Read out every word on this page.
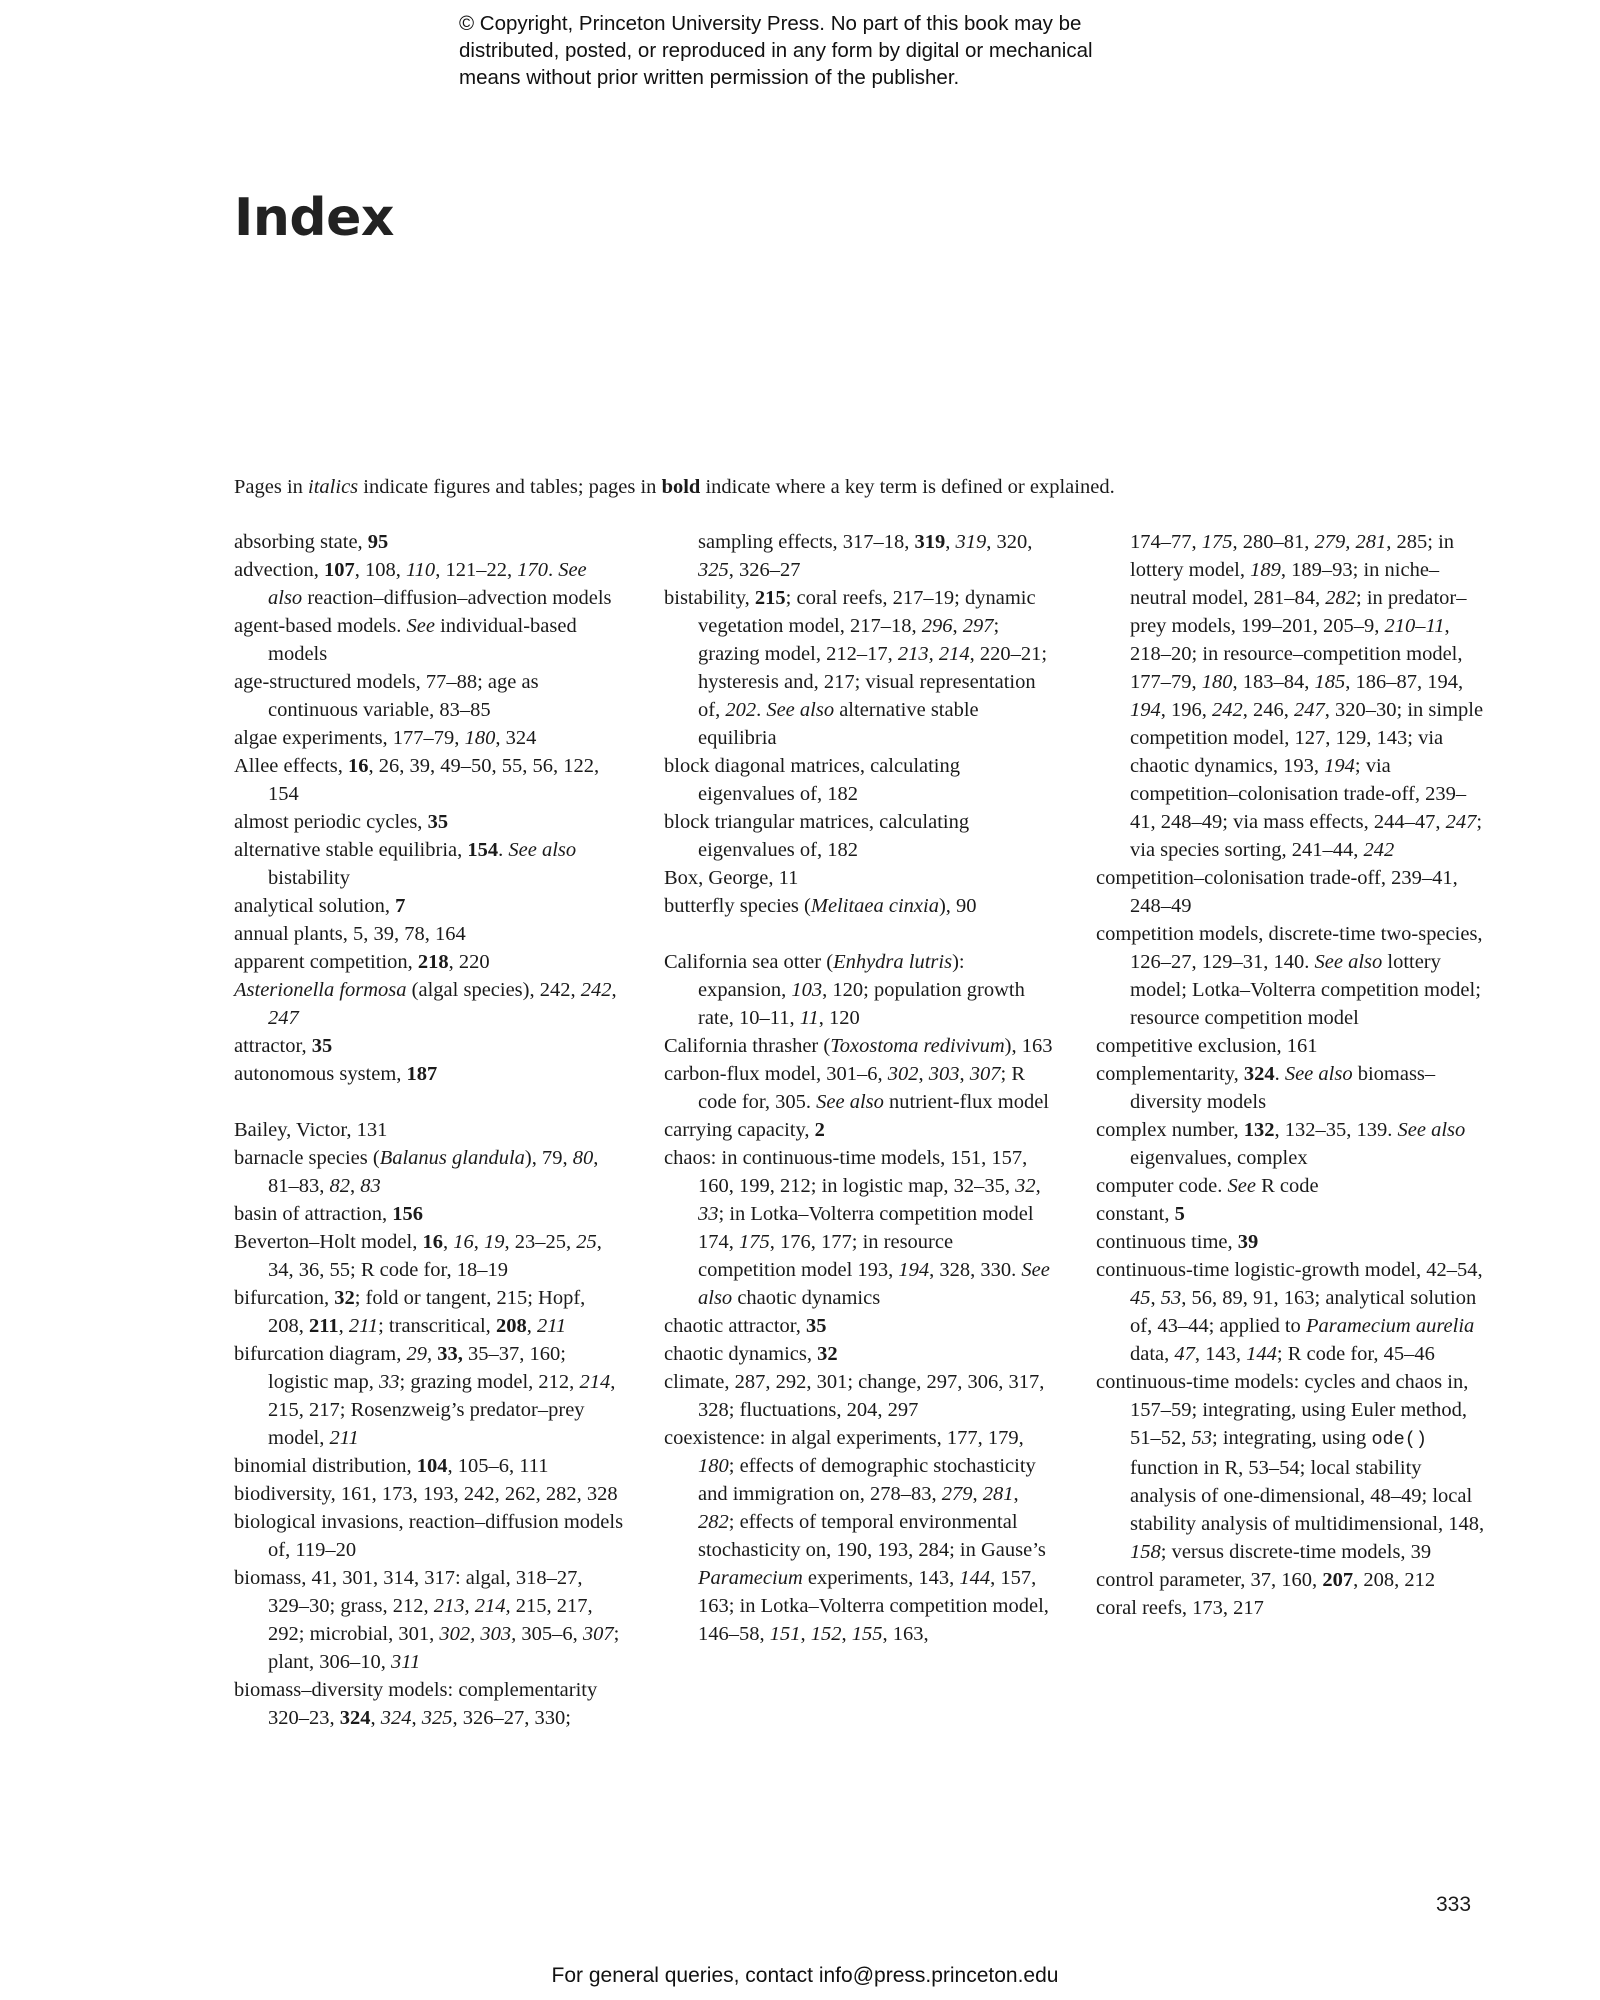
© Copyright, Princeton University Press. No part of this book may be
distributed, posted, or reproduced in any form by digital or mechanical
means without prior written permission of the publisher.
Index
Pages in italics indicate figures and tables; pages in bold indicate where a key term is defined or explained.
absorbing state, 95
advection, 107, 108, 110, 121–22, 170. See also reaction–diffusion–advection models
agent-based models. See individual-based models
age-structured models, 77–88; age as continuous variable, 83–85
algae experiments, 177–79, 180, 324
Allee effects, 16, 26, 39, 49–50, 55, 56, 122, 154
almost periodic cycles, 35
alternative stable equilibria, 154. See also bistability
analytical solution, 7
annual plants, 5, 39, 78, 164
apparent competition, 218, 220
Asterionella formosa (algal species), 242, 242, 247
attractor, 35
autonomous system, 187
Bailey, Victor, 131
barnacle species (Balanus glandula), 79, 80, 81–83, 82, 83
basin of attraction, 156
Beverton–Holt model, 16, 16, 19, 23–25, 25, 34, 36, 55; R code for, 18–19
bifurcation, 32; fold or tangent, 215; Hopf, 208, 211, 211; transcritical, 208, 211
bifurcation diagram, 29, 33, 35–37, 160; logistic map, 33; grazing model, 212, 214, 215, 217; Rosenzweig’s predator–prey model, 211
binomial distribution, 104, 105–6, 111
biodiversity, 161, 173, 193, 242, 262, 282, 328
biological invasions, reaction–diffusion models of, 119–20
biomass, 41, 301, 314, 317: algal, 318–27, 329–30; grass, 212, 213, 214, 215, 217, 292; microbial, 301, 302, 303, 305–6, 307; plant, 306–10, 311
biomass–diversity models: complementarity 320–23, 324, 324, 325, 326–27, 330;
sampling effects, 317–18, 319, 319, 320, 325, 326–27
bistability, 215; coral reefs, 217–19; dynamic vegetation model, 217–18, 296, 297; grazing model, 212–17, 213, 214, 220–21; hysteresis and, 217; visual representation of, 202. See also alternative stable equilibria
block diagonal matrices, calculating eigenvalues of, 182
block triangular matrices, calculating eigenvalues of, 182
Box, George, 11
butterfly species (Melitaea cinxia), 90
California sea otter (Enhydra lutris): expansion, 103, 120; population growth rate, 10–11, 11, 120
California thrasher (Toxostoma redivivum), 163
carbon-flux model, 301–6, 302, 303, 307; R code for, 305. See also nutrient-flux model
carrying capacity, 2
chaos: in continuous-time models, 151, 157, 160, 199, 212; in logistic map, 32–35, 32, 33; in Lotka–Volterra competition model 174, 175, 176, 177; in resource competition model 193, 194, 328, 330. See also chaotic dynamics
chaotic attractor, 35
chaotic dynamics, 32
climate, 287, 292, 301; change, 297, 306, 317, 328; fluctuations, 204, 297
coexistence: in algal experiments, 177, 179, 180; effects of demographic stochasticity and immigration on, 278–83, 279, 281, 282; effects of temporal environmental stochasticity on, 190, 193, 284; in Gause’s Paramecium experiments, 143, 144, 157, 163; in Lotka–Volterra competition model, 146–58, 151, 152, 155, 163,
174–77, 175, 280–81, 279, 281, 285; in lottery model, 189, 189–93; in niche–neutral model, 281–84, 282; in predator–prey models, 199–201, 205–9, 210–11, 218–20; in resource–competition model, 177–79, 180, 183–84, 185, 186–87, 194, 194, 196, 242, 246, 247, 320–30; in simple competition model, 127, 129, 143; via chaotic dynamics, 193, 194; via competition–colonisation trade-off, 239–41, 248–49; via mass effects, 244–47, 247; via species sorting, 241–44, 242
competition–colonisation trade-off, 239–41, 248–49
competition models, discrete-time two-species, 126–27, 129–31, 140. See also lottery model; Lotka–Volterra competition model; resource competition model
competitive exclusion, 161
complementarity, 324. See also biomass–diversity models
complex number, 132, 132–35, 139. See also eigenvalues, complex
computer code. See R code
constant, 5
continuous time, 39
continuous-time logistic-growth model, 42–54, 45, 53, 56, 89, 91, 163; analytical solution of, 43–44; applied to Paramecium aurelia data, 47, 143, 144; R code for, 45–46
continuous-time models: cycles and chaos in, 157–59; integrating, using Euler method, 51–52, 53; integrating, using ode() function in R, 53–54; local stability analysis of one-dimensional, 48–49; local stability analysis of multidimensional, 148, 158; versus discrete-time models, 39
control parameter, 37, 160, 207, 208, 212
coral reefs, 173, 217
333
For general queries, contact info@press.princeton.edu
